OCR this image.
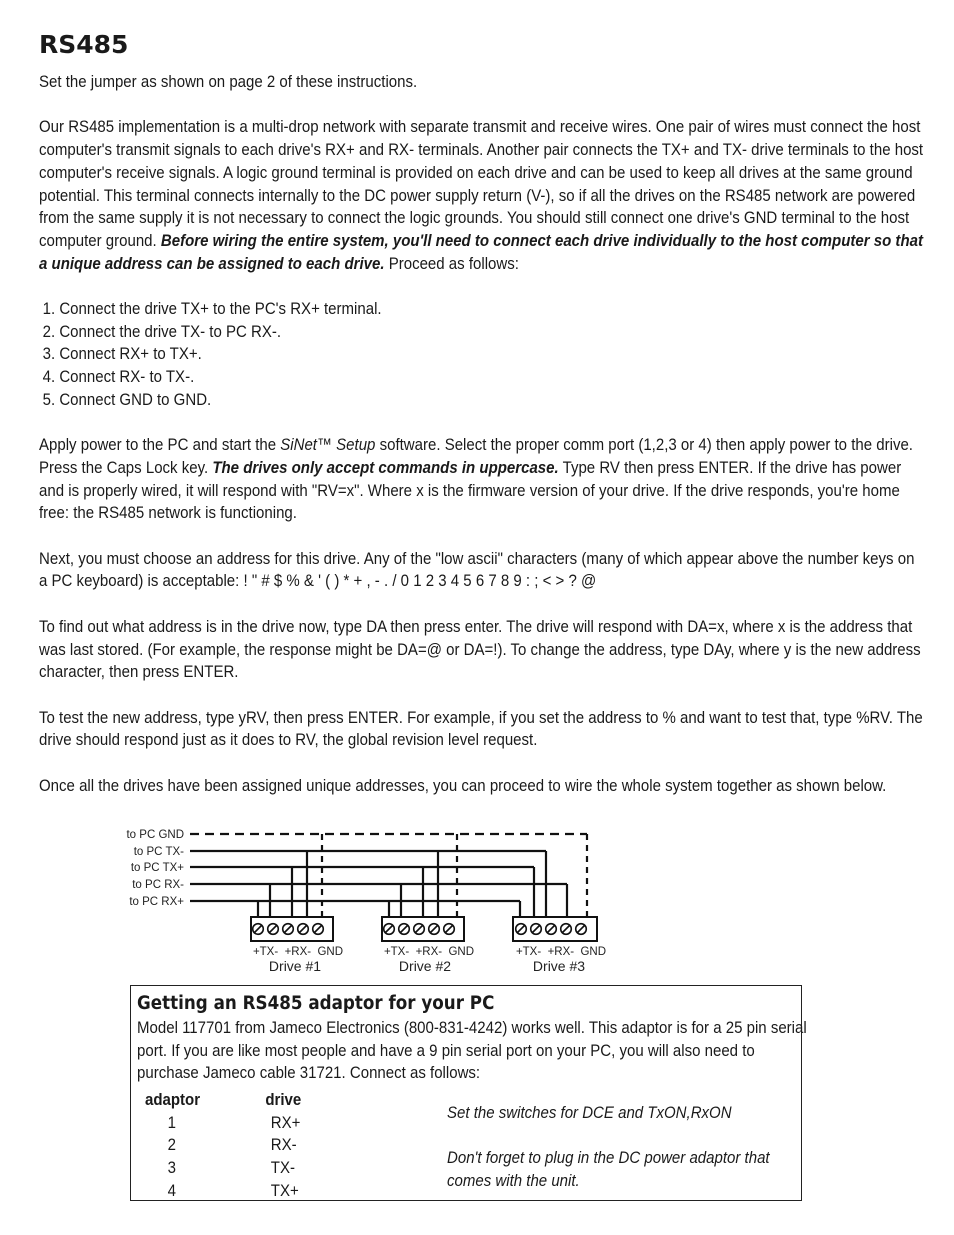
RS485

Set the jumper as shown on page 2 of these instructions.

Our RS485 implementation is a multi-drop network with separate transmit and receive wires. One pair of wires must connect the host computer's transmit signals to each drive's RX+ and RX- terminals. Another pair connects the TX+ and TX- drive terminals to the host computer's receive signals. A logic ground terminal is provided on each drive and can be used to keep all drives at the same ground potential. This terminal connects internally to the DC power supply return (V-), so if all the drives on the RS485 network are powered from the same supply it is not necessary to connect the logic grounds. You should still connect one drive's GND terminal to the host computer ground. Before wiring the entire system, you'll need to connect each drive individually to the host computer so that a unique address can be assigned to each drive. Proceed as follows:

1. Connect the drive TX+ to the PC's RX+ terminal.
2. Connect the drive TX- to PC RX-.
3. Connect RX+ to TX+.
4. Connect RX- to TX-.
5. Connect GND to GND.

Apply power to the PC and start the SiNet™ Setup software. Select the proper comm port (1,2,3 or 4) then apply power to the drive. Press the Caps Lock key. The drives only accept commands in uppercase. Type RV then press ENTER. If the drive has power and is properly wired, it will respond with "RV=x". Where x is the firmware version of your drive. If the drive responds, you're home free: the RS485 network is functioning.

Next, you must choose an address for this drive. Any of the "low ascii" characters (many of which appear above the number keys on a PC keyboard) is acceptable: ! " # $ % & ' ( ) * + , - . / 0 1 2 3 4 5 6 7 8 9 : ; < > ? @

To find out what address is in the drive now, type DA then press enter. The drive will respond with DA=x, where x is the address that was last stored. (For example, the response might be DA=@ or DA=!). To change the address, type DAy, where y is the new address character, then press ENTER.

To test the new address, type yRV, then press ENTER. For example, if you set the address to % and want to test that, type %RV. The drive should respond just as it does to RV, the global revision level request.

Once all the drives have been assigned unique addresses, you can proceed to wire the whole system together as shown below.

to PC GND
to PC TX-
to PC TX+
to PC RX-
to PC RX+
+TX-  +RX-  GND	+TX-  +RX-  GND	+TX-  +RX-  GND
Drive #1	Drive #2	Drive #3
Getting an RS485 adaptor for your PC
Model 117701 from Jameco Electronics (800-831-4242) works well. This adaptor is for a 25 pin serial port. If you are like most people and have a 9 pin serial port on your PC, you will also need to purchase Jameco cable 31721. Connect as follows:
adaptor	drive
1	RX+
2	RX-
3	TX-
4	TX+
Set the switches for DCE and TxON,RxON
Don't forget to plug in the DC power adaptor that comes with the unit.
